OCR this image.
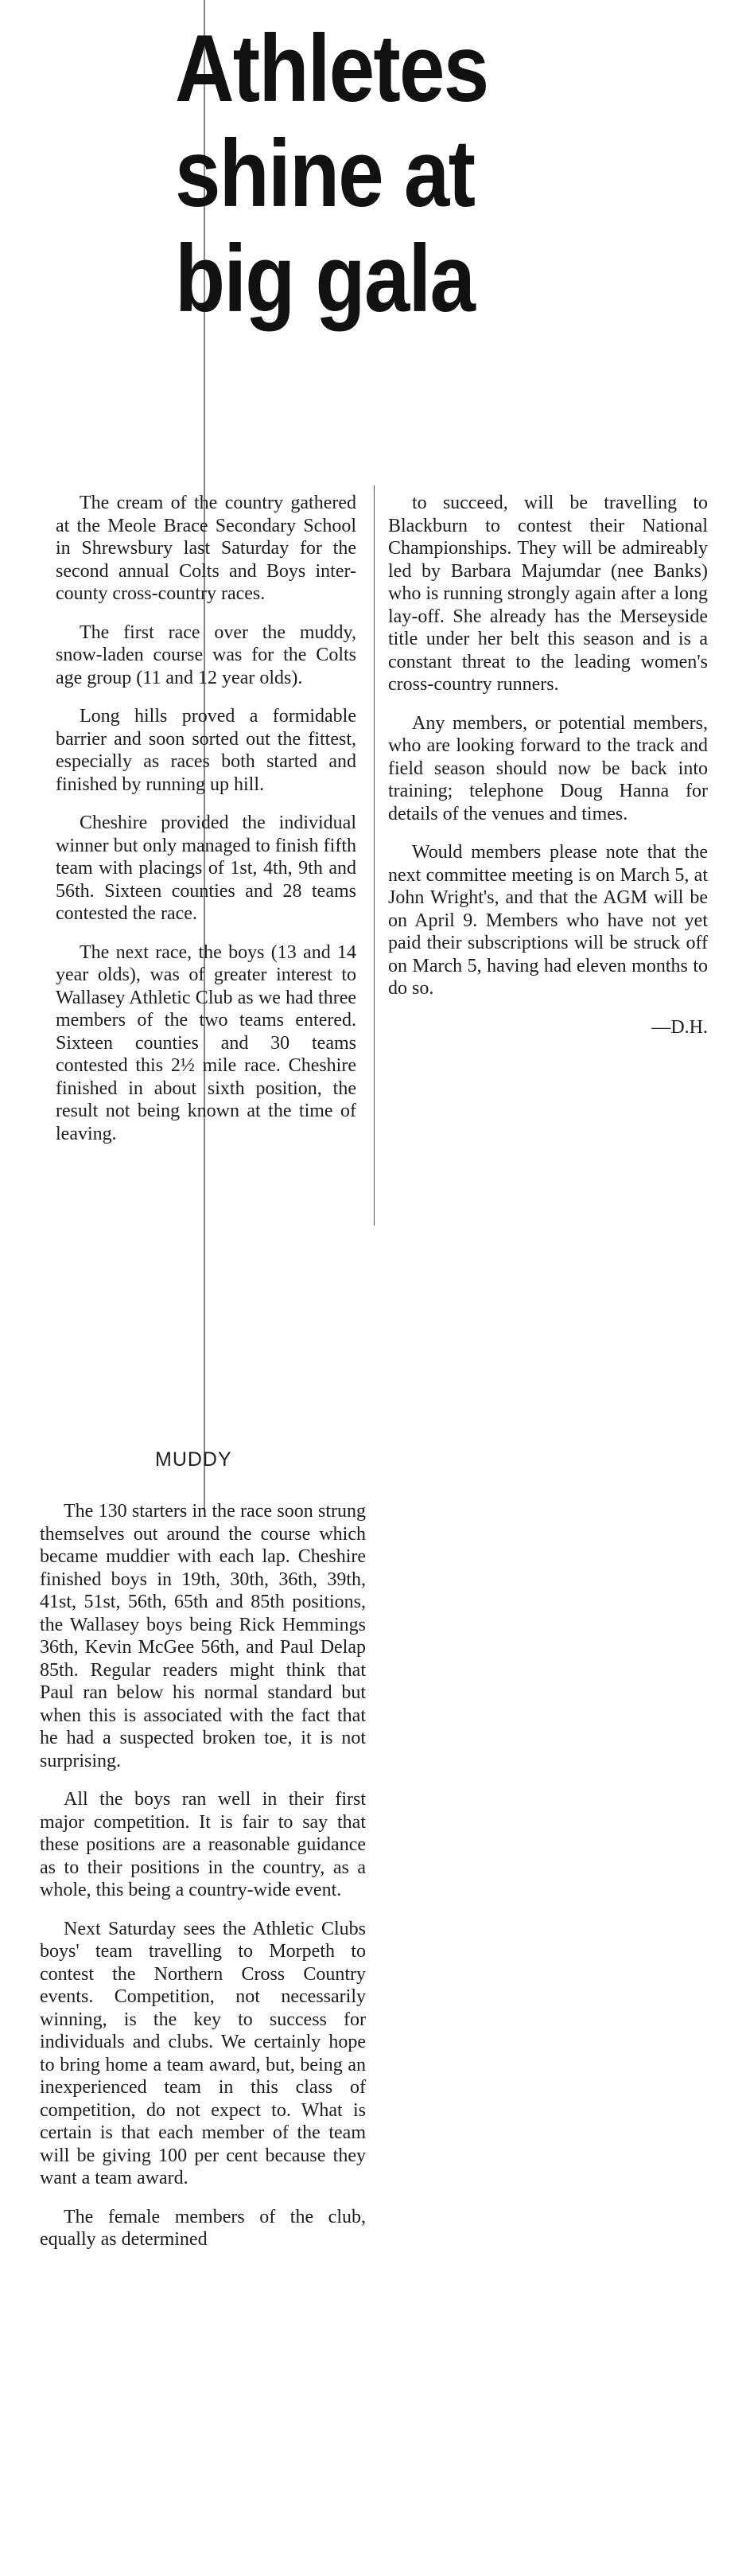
Athletes
shine at
big gala

The cream of the country gathered at the Meole Brace Secondary School in Shrewsbury last Saturday for the second annual Colts and Boys inter-county cross-country races.

The first race over the muddy, snow-laden course was for the Colts age group (11 and 12 year olds).

Long hills proved a formidable barrier and soon sorted out the fittest, especially as races both started and finished by running up hill.

Cheshire provided the individual winner but only managed to finish fifth team with placings of 1st, 4th, 9th and 56th. Sixteen counties and 28 teams contested the race.

The next race, the boys (13 and 14 year olds), was of greater interest to Wallasey Athletic Club as we had three members of the two teams entered. Sixteen counties and 30 teams contested this 2½ mile race. Cheshire finished in about sixth position, the result not being known at the time of leaving.

MUDDY

The 130 starters in the race soon strung themselves out around the course which became muddier with each lap. Cheshire finished boys in 19th, 30th, 36th, 39th, 41st, 51st, 56th, 65th and 85th positions, the Wallasey boys being Rick Hemmings 36th, Kevin McGee 56th, and Paul Delap 85th. Regular readers might think that Paul ran below his normal standard but when this is associated with the fact that he had a suspected broken toe, it is not surprising.

All the boys ran well in their first major competition. It is fair to say that these positions are a reasonable guidance as to their positions in the country, as a whole, this being a country-wide event.

Next Saturday sees the Athletic Clubs boys' team travelling to Morpeth to contest the Northern Cross Country events. Competition, not necessarily winning, is the key to success for individuals and clubs. We certainly hope to bring home a team award, but, being an inexperienced team in this class of competition, do not expect to. What is certain is that each member of the team will be giving 100 per cent because they want a team award.

The female members of the club, equally as determined

to succeed, will be travelling to Blackburn to contest their National Championships. They will be admireably led by Barbara Majumdar (nee Banks) who is running strongly again after a long lay-off. She already has the Merseyside title under her belt this season and is a constant threat to the leading women's cross-country runners.

Any members, or potential members, who are looking forward to the track and field season should now be back into training; telephone Doug Hanna for details of the venues and times.

Would members please note that the next committee meeting is on March 5, at John Wright's, and that the AGM will be on April 9. Members who have not yet paid their subscriptions will be struck off on March 5, having had eleven months to do so.

—D.H.
